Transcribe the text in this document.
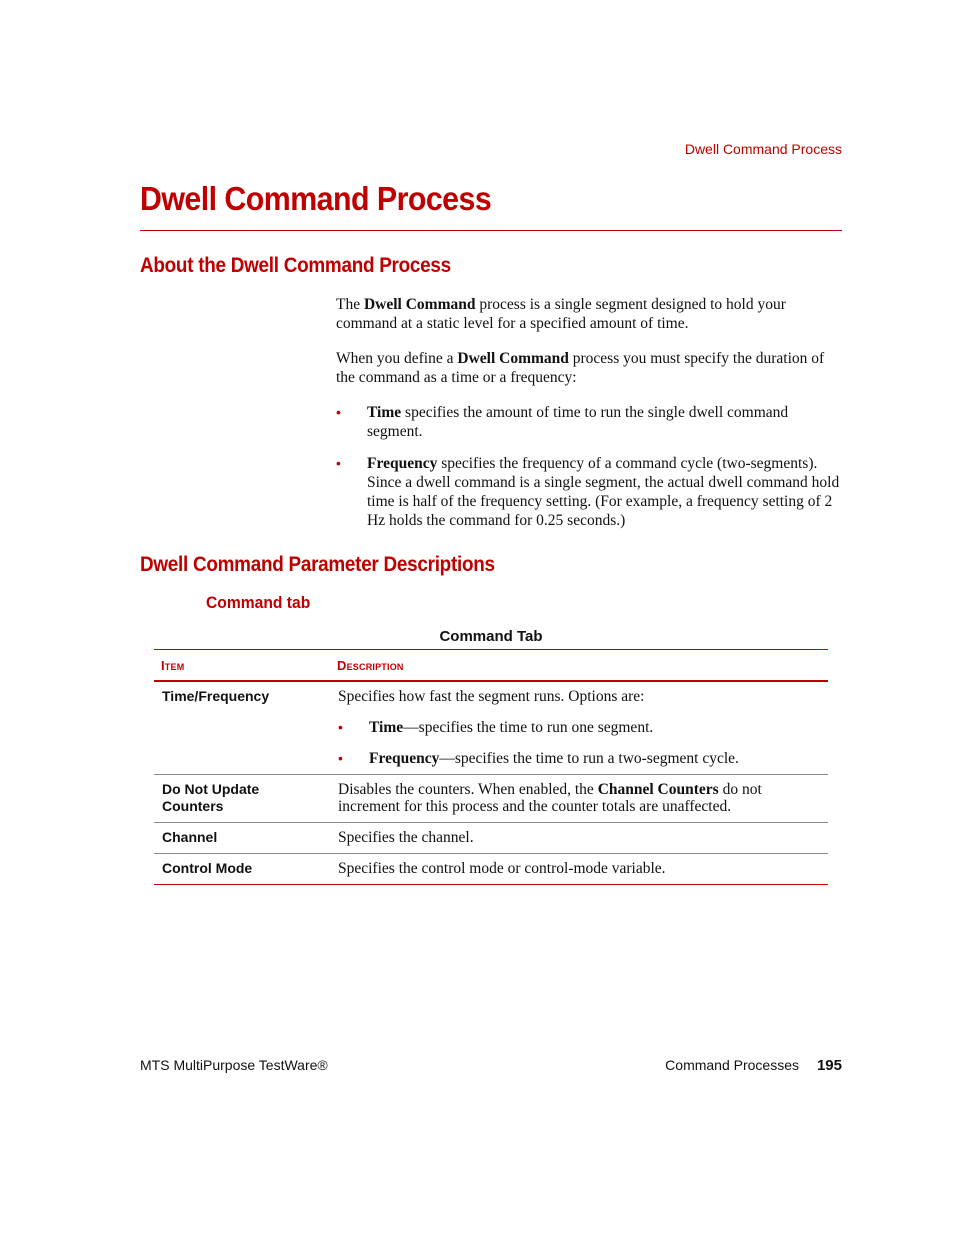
Dwell Command Process
Dwell Command Process
About the Dwell Command Process

The Dwell Command process is a single segment designed to hold your command at a static level for a specified amount of time.

When you define a Dwell Command process you must specify the duration of the command as a time or a frequency:

• Time specifies the amount of time to run the single dwell command segment.
• Frequency specifies the frequency of a command cycle (two-segments). Since a dwell command is a single segment, the actual dwell command hold time is half of the frequency setting. (For example, a frequency setting of 2 Hz holds the command for 0.25 seconds.)
Dwell Command Parameter Descriptions
Command tab
Command Tab
Item	Description
Time/Frequency	Specifies how fast the segment runs. Options are:
• Time—specifies the time to run one segment.
• Frequency—specifies the time to run a two-segment cycle.

Do Not Update Counters	Disables the counters. When enabled, the Channel Counters do not increment for this process and the counter totals are unaffected.
Channel	Specifies the channel.
Control Mode	Specifies the control mode or control-mode variable.
MTS MultiPurpose TestWare®	Command Processes 195
